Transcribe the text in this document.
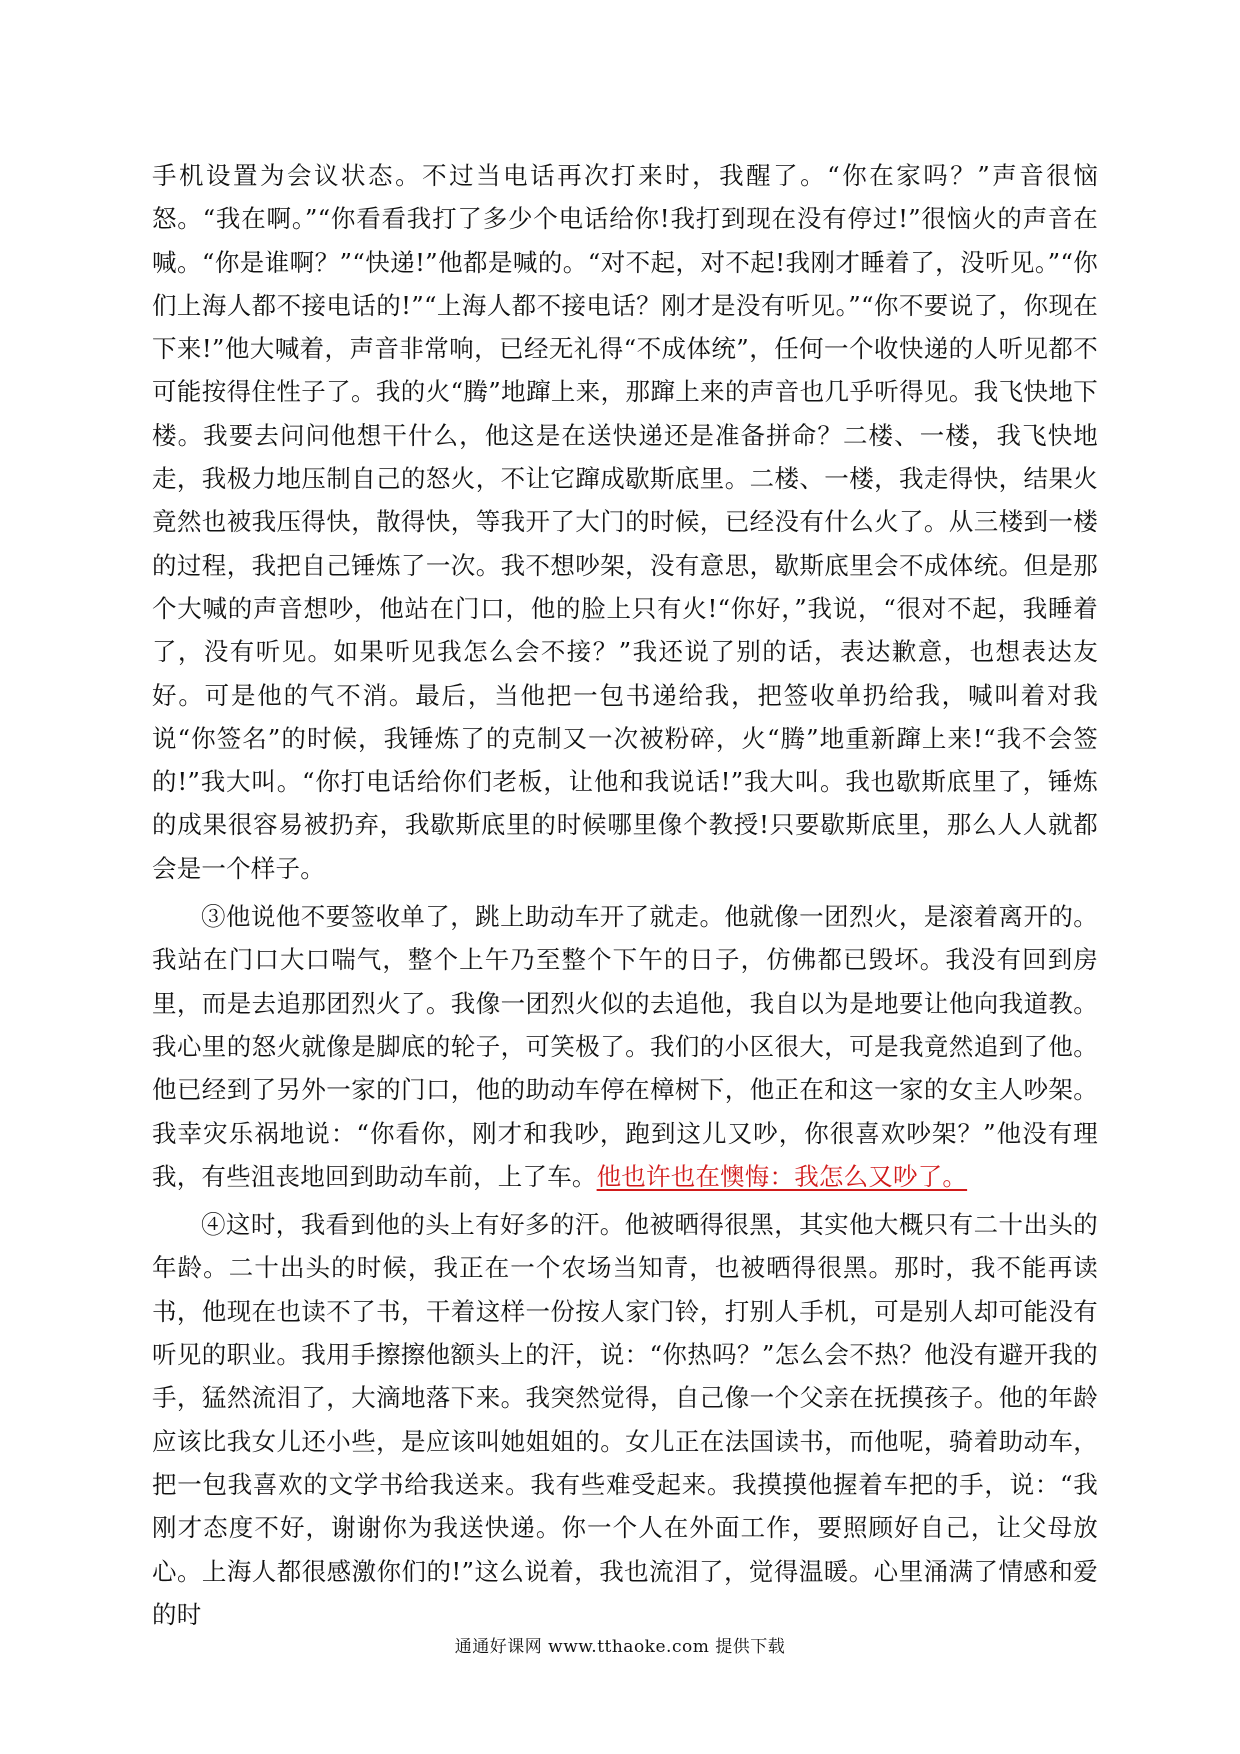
手机设置为会议状态。不过当电话再次打来时，我醒了。“你在家吗？”声音很恼怒。“我在啊。”“你看看我打了多少个电话给你!我打到现在没有停过!”很恼火的声音在喊。“你是谁啊？”“快递!”他都是喊的。“对不起，对不起!我刚才睡着了，没听见。”“你们上海人都不接电话的!”“上海人都不接电话？刚才是没有听见。”“你不要说了，你现在下来!”他大喊着，声音非常响，已经无礼得“不成体统”，任何一个收快递的人听见都不可能按得住性子了。我的火“腾”地蹿上来，那蹿上来的声音也几乎听得见。我飞快地下楼。我要去问问他想干什么，他这是在送快递还是准备拼命？二楼、一楼，我飞快地走，我极力地压制自己的怒火，不让它蹿成歇斯底里。二楼、一楼，我走得快，结果火竟然也被我压得快，散得快，等我开了大门的时候，已经没有什么火了。从三楼到一楼的过程，我把自己锤炼了一次。我不想吵架，没有意思，歇斯底里会不成体统。但是那个大喊的声音想吵，他站在门口，他的脸上只有火!“你好，”我说，“很对不起，我睡着了，没有听见。如果听见我怎么会不接？”我还说了别的话，表达歉意，也想表达友好。可是他的气不消。最后，当他把一包书递给我，把签收单扔给我，喊叫着对我说“你签名”的时候，我锤炼了的克制又一次被粉碎，火“腾”地重新蹿上来!“我不会签的!”我大叫。“你打电话给你们老板，让他和我说话!”我大叫。我也歇斯底里了，锤炼的成果很容易被扔弃，我歇斯底里的时候哪里像个教授!只要歇斯底里，那么人人就都会是一个样子。

③他说他不要签收单了，跳上助动车开了就走。他就像一团烈火，是滚着离开的。我站在门口大口喘气，整个上午乃至整个下午的日子，仿佛都已毁坏。我没有回到房里，而是去追那团烈火了。我像一团烈火似的去追他，我自以为是地要让他向我道教。我心里的怒火就像是脚底的轮子，可笑极了。我们的小区很大，可是我竟然追到了他。他已经到了另外一家的门口，他的助动车停在樟树下，他正在和这一家的女主人吵架。我幸灾乐祸地说：“你看你，刚才和我吵，跑到这儿又吵，你很喜欢吵架？”他没有理我，有些沮丧地回到助动车前，上了车。他也许也在懊悔：我怎么又吵了。

④这时，我看到他的头上有好多的汗。他被晒得很黑，其实他大概只有二十出头的年龄。二十出头的时候，我正在一个农场当知青，也被晒得很黑。那时，我不能再读书，他现在也读不了书，干着这样一份按人家门铃，打别人手机，可是别人却可能没有听见的职业。我用手擦擦他额头上的汗，说：“你热吗？”怎么会不热？他没有避开我的手，猛然流泪了，大滴地落下来。我突然觉得，自己像一个父亲在抚摸孩子。他的年龄应该比我女儿还小些，是应该叫她姐姐的。女儿正在法国读书，而他呢，骑着助动车，把一包我喜欢的文学书给我送来。我有些难受起来。我摸摸他握着车把的手，说：“我刚才态度不好，谢谢你为我送快递。你一个人在外面工作，要照顾好自己，让父母放心。上海人都很感激你们的!”这么说着，我也流泪了，觉得温暖。心里涌满了情感和爱的时

通通好课网 www.tthaoke.com 提供下载
